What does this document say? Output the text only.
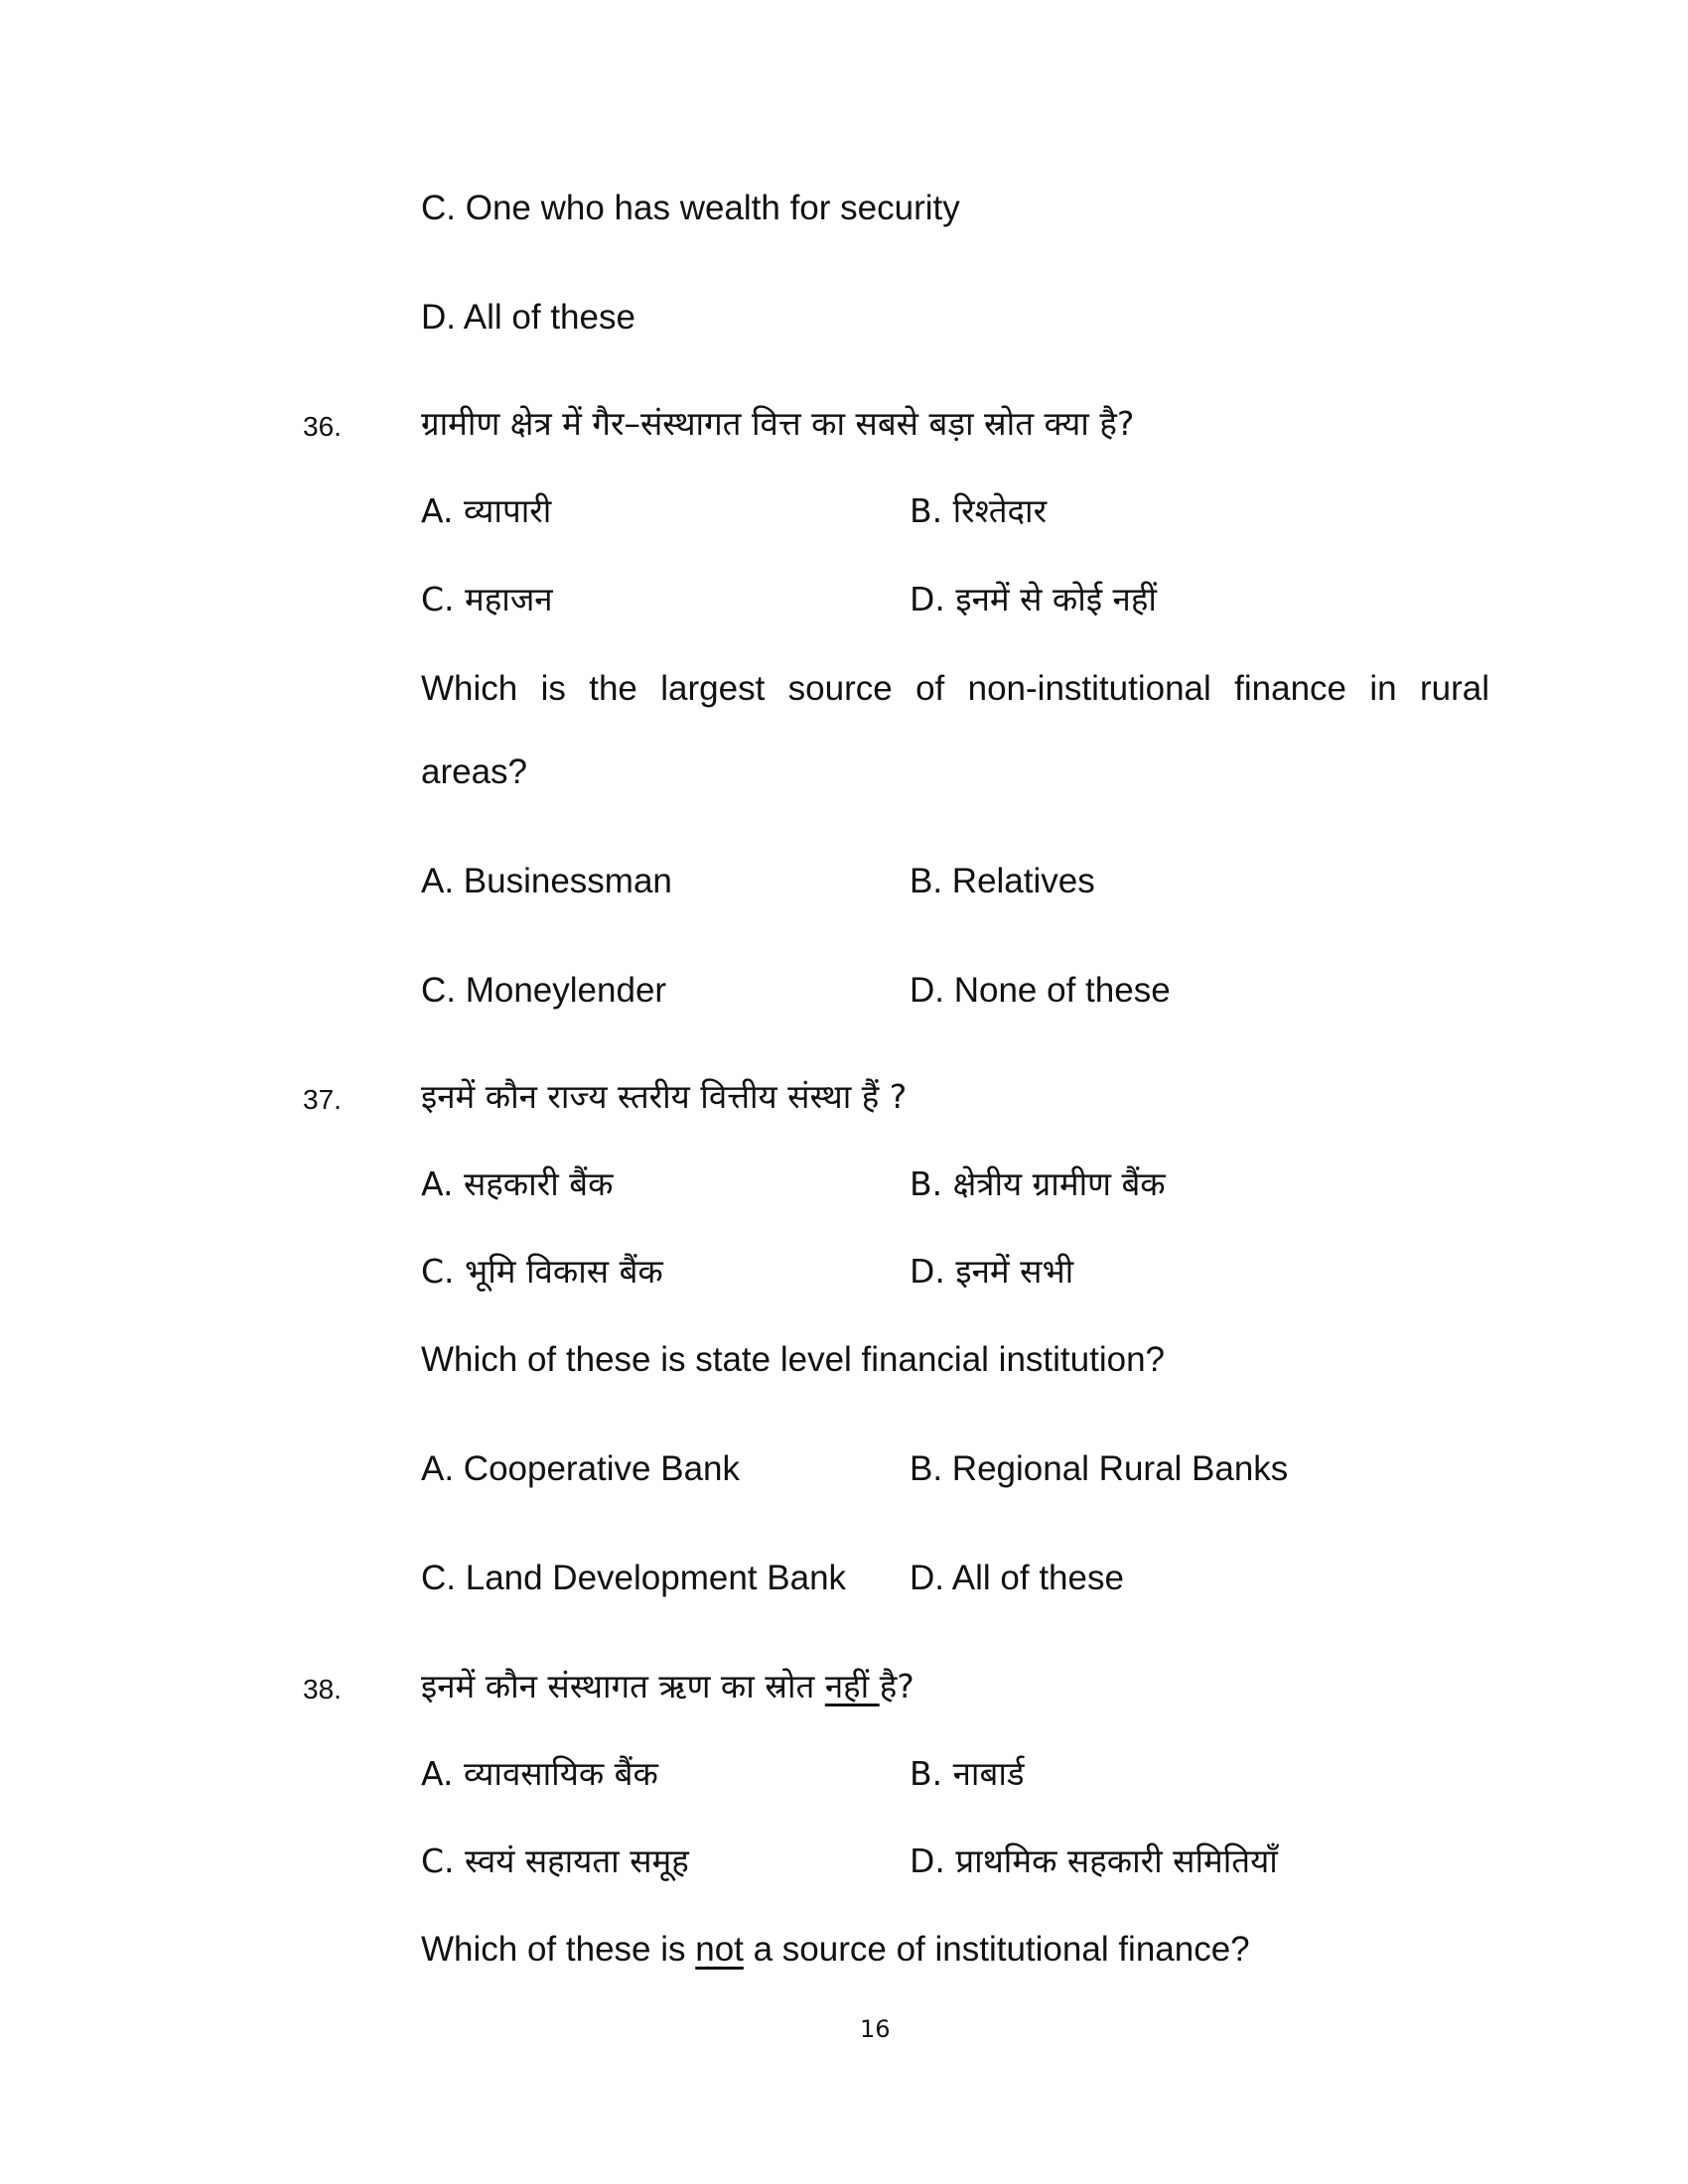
C. One who has wealth for security
D. All of these
36. ग्रामीण क्षेत्र में गैर–संस्थागत वित्त का सबसे बड़ा स्रोत क्या है?
A. व्यापारी	B. रिश्तेदार
C. महाजन	D. इनमें से कोई नहीं
Which is the largest source of non-institutional finance in rural
areas?
A. Businessman	B. Relatives
C. Moneylender	D. None of these
37. इनमें कौन राज्य स्तरीय वित्तीय संस्था हैं ?
A. सहकारी बैंक	B. क्षेत्रीय ग्रामीण बैंक
C. भूमि विकास बैंक	D. इनमें सभी
Which of these is state level financial institution?
A. Cooperative Bank	B. Regional Rural Banks
C. Land Development Bank D. All of these
38. इनमें कौन संस्थागत ऋण का स्रोत नहीं है?
A. व्यावसायिक बैंक	B. नाबार्ड
C. स्वयं सहायता समूह	D. प्राथमिक सहकारी समितियाँ
Which of these is not a source of institutional finance?
16
